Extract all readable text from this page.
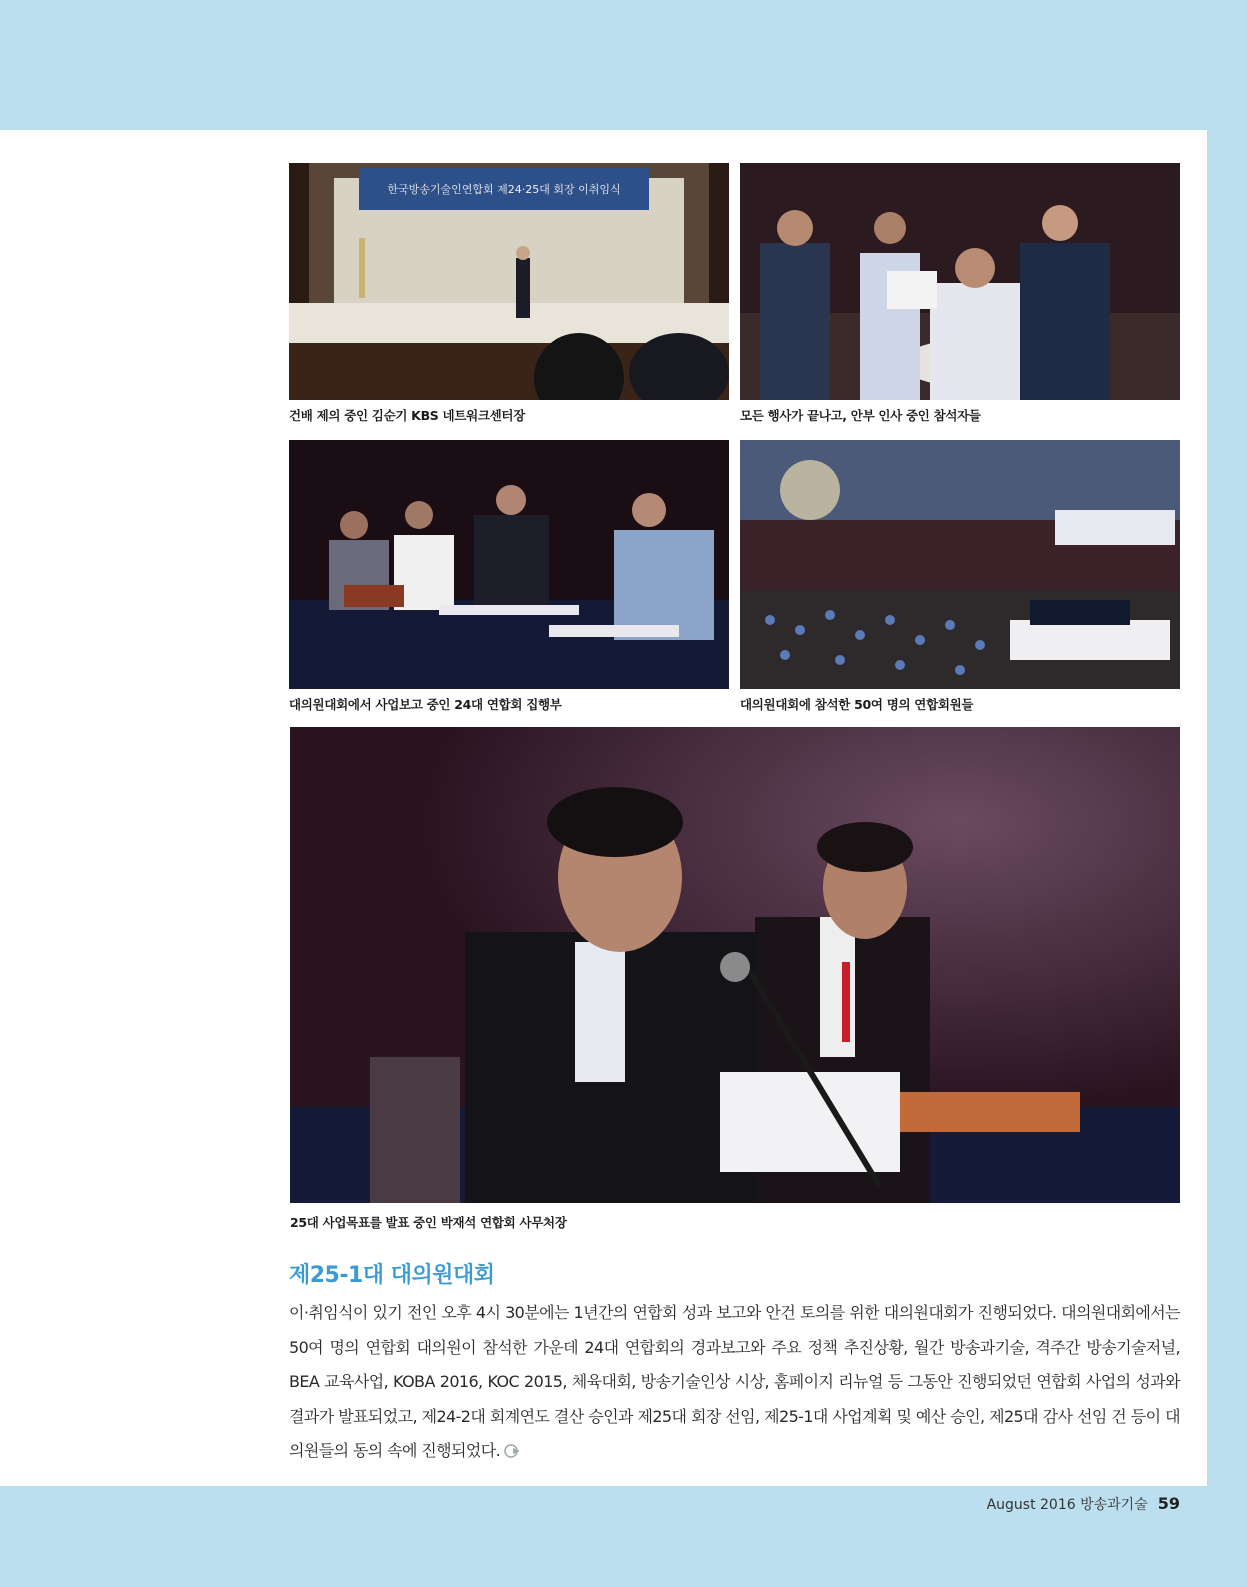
한국방송기술인연합회 제24·25대 회장 이취임식
건배 제의 중인 김순기 KBS 네트워크센터장	모든 행사가 끝나고, 안부 인사 중인 참석자들
대의원대회에서 사업보고 중인 24대 연합회 집행부	대의원대회에 참석한 50여 명의 연합회원들
25대 사업목표를 발표 중인 박재석 연합회 사무처장
제25-1대 대의원대회

이·취임식이 있기 전인 오후 4시 30분에는 1년간의 연합회 성과 보고와 안건 토의를 위한 대의원대회가 진행되었다. 대의원대회에서는 50여 명의 연합회 대의원이 참석한 가운데 24대 연합회의 경과보고와 주요 정책 추진상황, 월간 방송과기술, 격주간 방송기술저널, BEA 교육사업, KOBA 2016, KOC 2015, 체육대회, 방송기술인상 시상, 홈페이지 리뉴얼 등 그동안 진행되었던 연합회 사업의 성과와 결과가 발표되었고, 제24-2대 회계연도 결산 승인과 제25대 회장 선임, 제25-1대 사업계획 및 예산 승인, 제25대 감사 선임 건 등이 대의원들의 동의 속에 진행되었다.

August 2016 방송과기술 59
